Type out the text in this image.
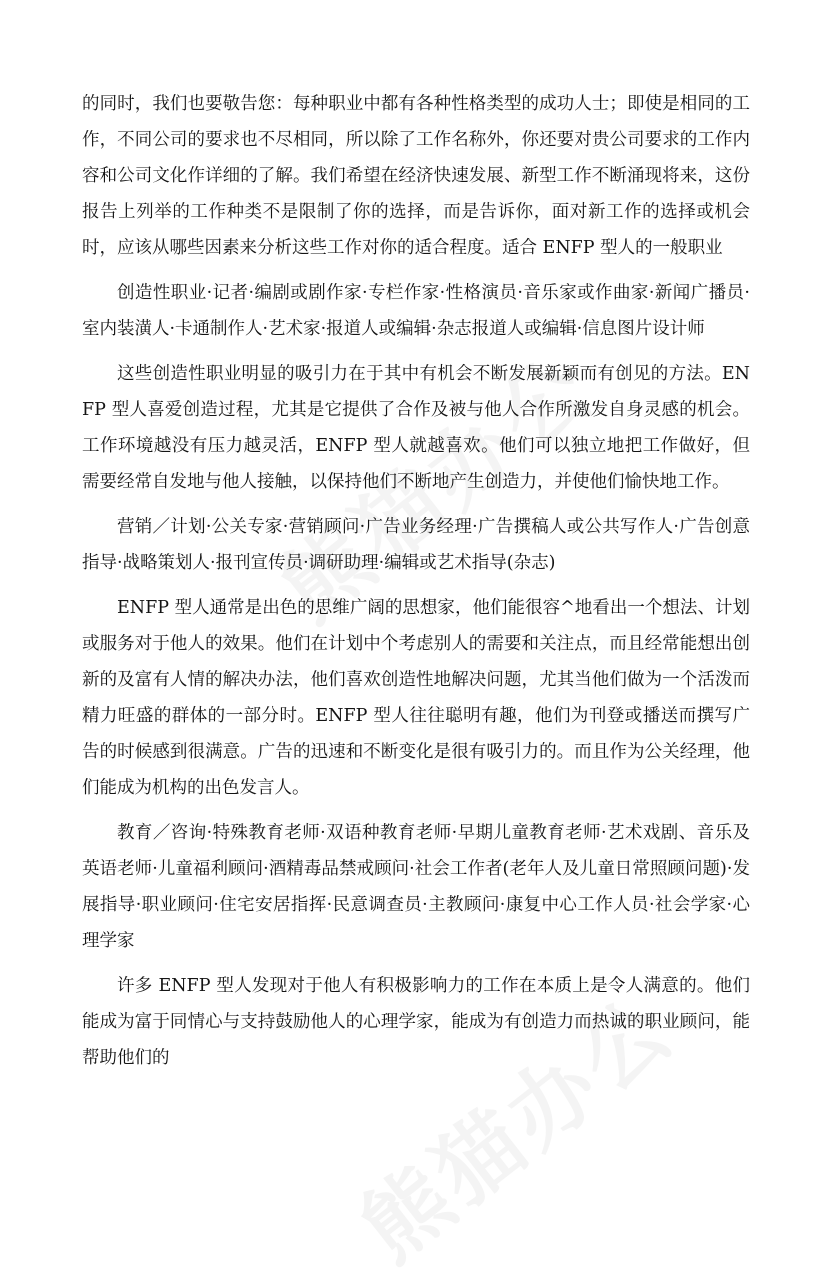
的同时，我们也要敬告您：每种职业中都有各种性格类型的成功人士；即使是相同的工作，不同公司的要求也不尽相同，所以除了工作名称外，你还要对贵公司要求的工作内容和公司文化作详细的了解。我们希望在经济快速发展、新型工作不断涌现将来，这份报告上列举的工作种类不是限制了你的选择，而是告诉你，面对新工作的选择或机会时，应该从哪些因素来分析这些工作对你的适合程度。适合 ENFP 型人的一般职业

创造性职业·记者·编剧或剧作家·专栏作家·性格演员·音乐家或作曲家·新闻广播员·室内装潢人·卡通制作人·艺术家·报道人或编辑·杂志报道人或编辑·信息图片设计师

这些创造性职业明显的吸引力在于其中有机会不断发展新颖而有创见的方法。ENFP 型人喜爱创造过程，尤其是它提供了合作及被与他人合作所激发自身灵感的机会。工作环境越没有压力越灵活，ENFP 型人就越喜欢。他们可以独立地把工作做好，但需要经常自发地与他人接触，以保持他们不断地产生创造力，并使他们愉快地工作。

营销／计划·公关专家·营销顾问·广告业务经理·广告撰稿人或公共写作人·广告创意指导·战略策划人·报刊宣传员·调研助理·编辑或艺术指导(杂志)

ENFP 型人通常是出色的思维广阔的思想家，他们能很容^地看出一个想法、计划或服务对于他人的效果。他们在计划中个考虑别人的需要和关注点，而且经常能想出创新的及富有人情的解决办法，他们喜欢创造性地解决问题，尤其当他们做为一个活泼而精力旺盛的群体的一部分时。ENFP 型人往往聪明有趣，他们为刊登或播送而撰写广告的时候感到很满意。广告的迅速和不断变化是很有吸引力的。而且作为公关经理，他们能成为机构的出色发言人。

教育／咨询·特殊教育老师·双语种教育老师·早期儿童教育老师·艺术戏剧、音乐及英语老师·儿童福利顾问·酒精毒品禁戒顾问·社会工作者(老年人及儿童日常照顾问题)·发展指导·职业顾问·住宅安居指挥·民意调查员·主教顾问·康复中心工作人员·社会学家·心理学家

许多 ENFP 型人发现对于他人有积极影响力的工作在本质上是令人满意的。他们能成为富于同情心与支持鼓励他人的心理学家，能成为有创造力而热诚的职业顾问，能帮助他们的
